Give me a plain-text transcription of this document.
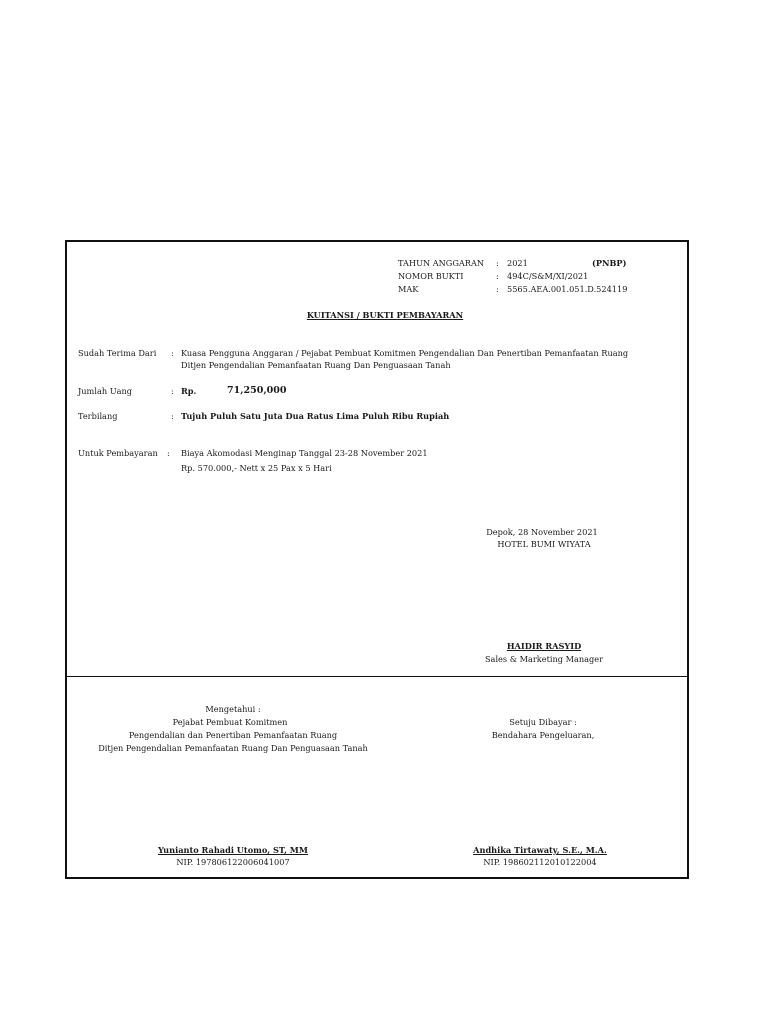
TAHUN ANGGARAN : 2021	(PNBP)
NOMOR BUKTI	: 494C/S&M/XI/2021
MAK	: 5565.AEA.001.051.D.524119
KUITANSI / BUKTI PEMBAYARAN
Sudah Terima Dari : Kuasa Pengguna Anggaran / Pejabat Pembuat Komitmen Pengendalian Dan Penertiban Pemanfaatan Ruang
Ditjen Pengendalian Pemanfaatan Ruang Dan Penguasaan Tanah
Jumlah Uang	: Rp.	71,250,000
Terbilang	: Tujuh Puluh Satu Juta Dua Ratus Lima Puluh Ribu Rupiah
Untuk Pembayaran : Biaya Akomodasi Menginap Tanggal 23-28 November 2021
Rp. 570.000,- Nett x 25 Pax x 5 Hari
Depok, 28 November 2021
HOTEL BUMI WIYATA
HAIDIR RASYID
Sales & Marketing Manager
Mengetahui :
Pejabat Pembuat Komitmen
Pengendalian dan Penertiban Pemanfaatan Ruang
Ditjen Pengendalian Pemanfaatan Ruang Dan Penguasaan Tanah
Setuju Dibayar :
Bendahara Pengeluaran,
Yunianto Rahadi Utomo, ST, MM
NIP. 197806122006041007
Andhika Tirtawaty, S.E., M.A.
NIP. 198602112010122004
